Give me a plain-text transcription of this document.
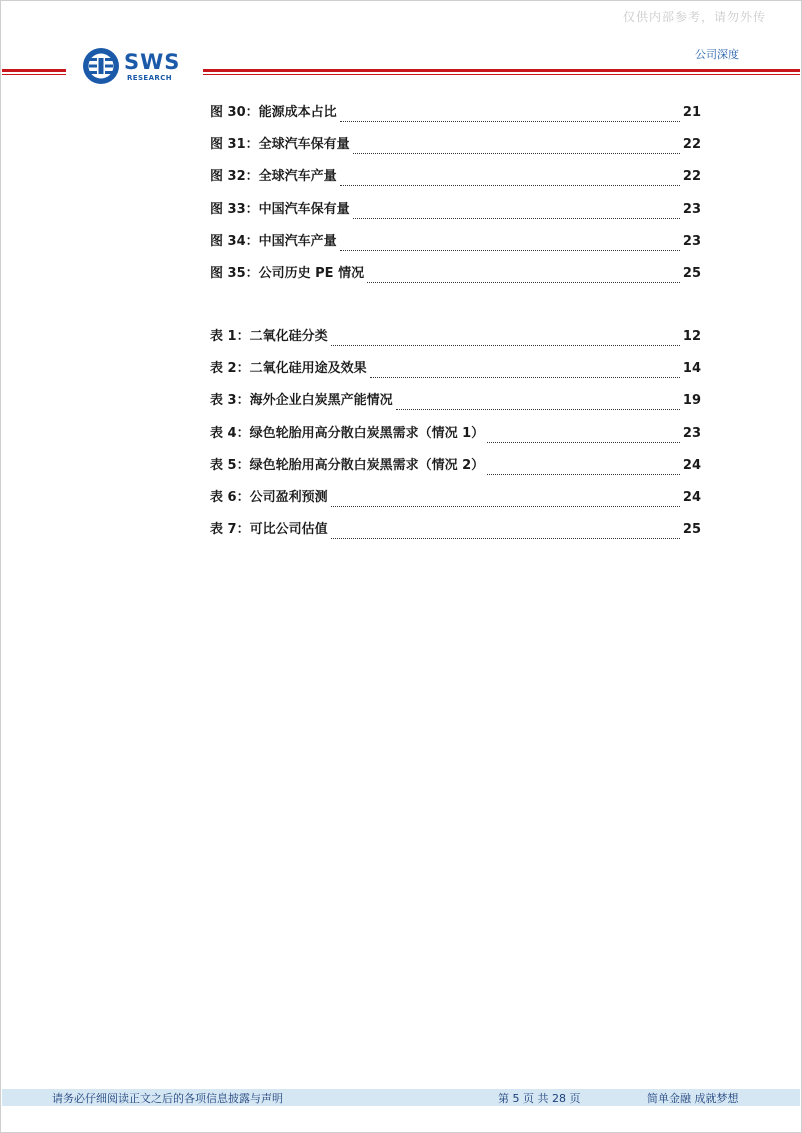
仅供内部参考，请勿外传
SWS
RESEARCH
公司深度
图 30：能源成本占比	21
图 31：全球汽车保有量	22
图 32：全球汽车产量	22
图 33：中国汽车保有量	23
图 34：中国汽车产量	23
图 35：公司历史 PE 情况	25
表 1：二氧化硅分类	12
表 2：二氧化硅用途及效果	14
表 3：海外企业白炭黑产能情况	19
表 4：绿色轮胎用高分散白炭黑需求（情况 1）	23
表 5：绿色轮胎用高分散白炭黑需求（情况 2）	24
表 6：公司盈利预测	24
表 7：可比公司估值	25
请务必仔细阅读正文之后的各项信息披露与声明	第 5 页 共 28 页	简单金融 成就梦想
